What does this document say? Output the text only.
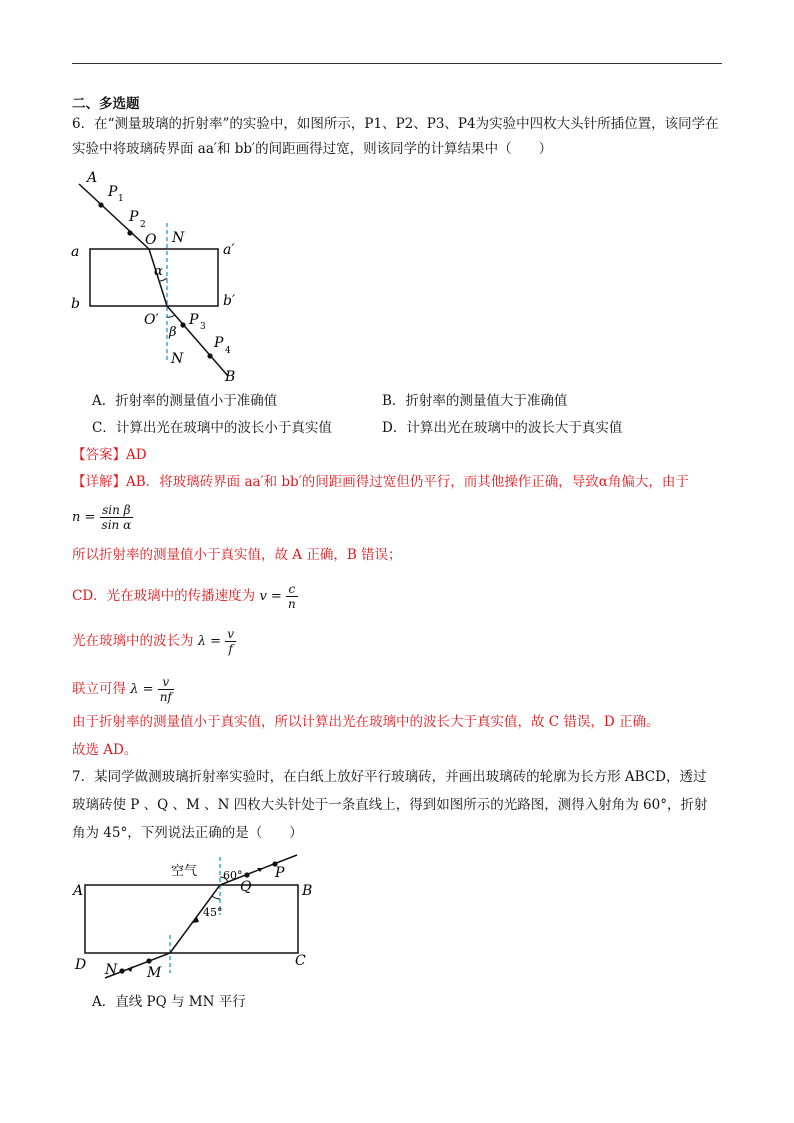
二、多选题
6．在“测量玻璃的折射率”的实验中，如图所示，P1、P2、P3、P4为实验中四枚大头针所插位置，该同学在
实验中将玻璃砖界面 aa′和 bb′的间距画得过宽，则该同学的计算结果中（　　）
A
P 1
P 2
O N
a	a′
α
b	b′
O′ P 3
β
P 4
N
B
A．折射率的测量值小于准确值	B．折射率的测量值大于准确值
C．计算出光在玻璃中的波长小于真实值	D．计算出光在玻璃中的波长大于真实值
【答案】AD
【详解】AB．将玻璃砖界面 aa′和 bb′的间距画得过宽但仍平行，而其他操作正确，导致α角偏大，由于
$n = \frac{\text{sin β}}{\text{sin α}}$
所以折射率的测量值小于真实值，故 A 正确，B 错误；
CD．光在玻璃中的传播速度为 $v = \frac{c}{n}$
光在玻璃中的波长为 $\lambda = \frac{v}{f}$
联立可得 $\lambda = \frac{v}{nf}$
由于折射率的测量值小于真实值，所以计算出光在玻璃中的波长大于真实值，故 C 错误，D 正确。
故选 AD。
7．某同学做测玻璃折射率实验时，在白纸上放好平行玻璃砖，并画出玻璃砖的轮廓为长方形 ABCD，透过
玻璃砖使 P 、Q 、M 、N 四枚大头针处于一条直线上，得到如图所示的光路图，测得入射角为 60°，折射
角为 45°，下列说法正确的是（　　）
空气 60°
45°
A	B
C
D
P
Q
M
N
A．直线 PQ 与 MN 平行
